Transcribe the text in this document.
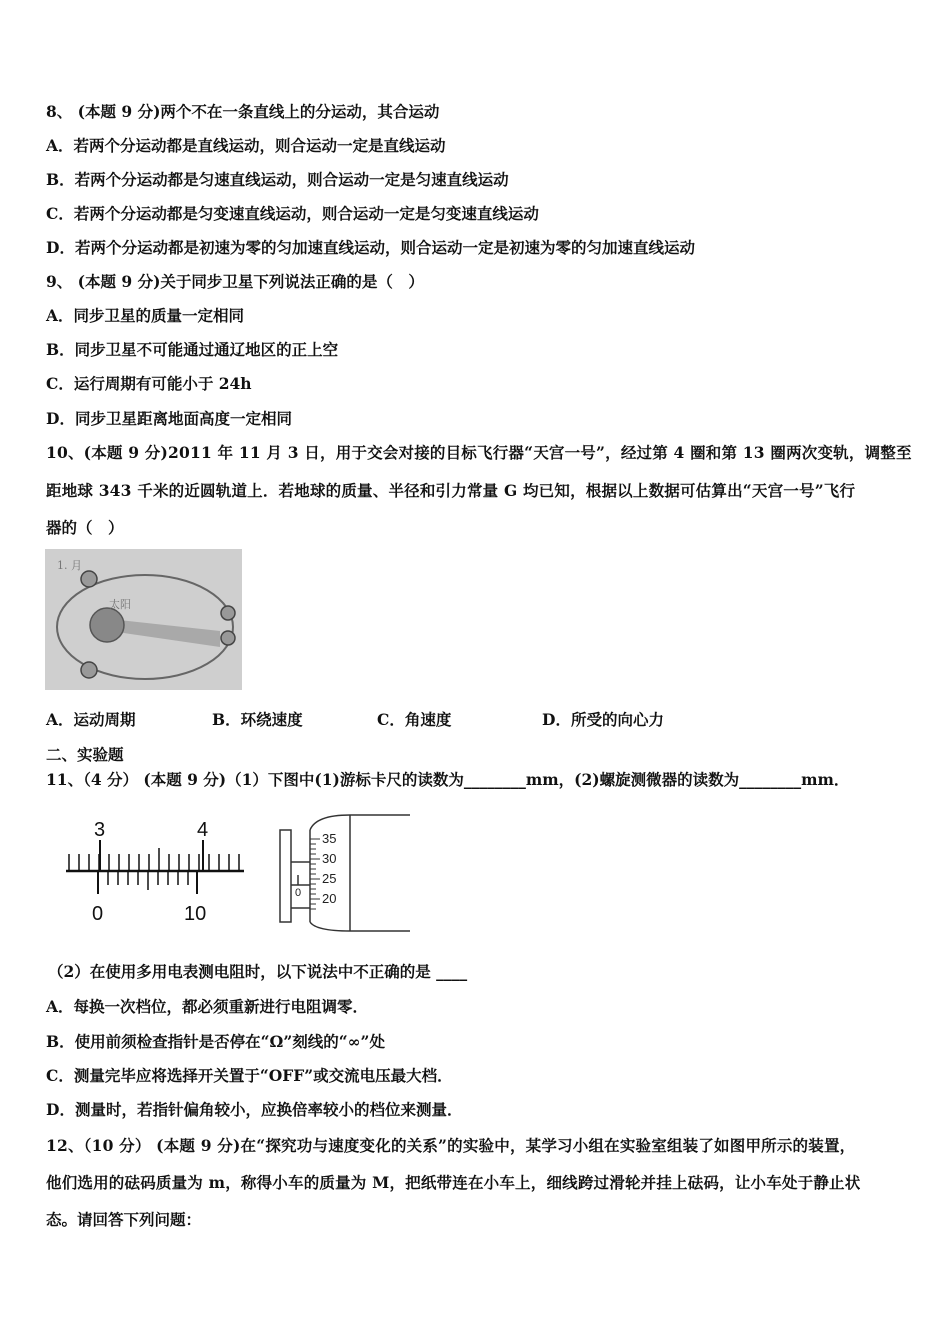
8、 (本题 9 分)两个不在一条直线上的分运动，其合运动
A．若两个分运动都是直线运动，则合运动一定是直线运动
B．若两个分运动都是匀速直线运动，则合运动一定是匀速直线运动
C．若两个分运动都是匀变速直线运动，则合运动一定是匀变速直线运动
D．若两个分运动都是初速为零的匀加速直线运动，则合运动一定是初速为零的匀加速直线运动
9、 (本题 9 分)关于同步卫星下列说法正确的是（　）
A．同步卫星的质量一定相同
B．同步卫星不可能通过通辽地区的正上空
C．运行周期有可能小于 24h
D．同步卫星距离地面高度一定相同
10、(本题 9 分)2011 年 11 月 3 日，用于交会对接的目标飞行器“天宫一号”，经过第 4 圈和第 13 圈两次变轨，调整至
距地球 343 千米的近圆轨道上．若地球的质量、半径和引力常量 G 均已知，根据以上数据可估算出“天宫一号”飞行
器的（　）
1. 月
太阳
A．运动周期	B．环绕速度	C．角速度	D．所受的向心力
二、实验题
11、（4 分） (本题 9 分)（1）下图中(1)游标卡尺的读数为________mm，(2)螺旋测微器的读数为________mm．
3	4
0	10
35
30
25
20
0
（2）在使用多用电表测电阻时，以下说法中不正确的是 ____
A．每换一次档位，都必须重新进行电阻调零．
B．使用前须检查指针是否停在“Ω”刻线的“∞”处
C．测量完毕应将选择开关置于“OFF”或交流电压最大档．
D．测量时，若指针偏角较小，应换倍率较小的档位来测量．
12、（10 分） (本题 9 分)在“探究功与速度变化的关系”的实验中，某学习小组在实验室组装了如图甲所示的装置，
他们选用的砝码质量为 m，称得小车的质量为 M，把纸带连在小车上，细线跨过滑轮并挂上砝码，让小车处于静止状
态。请回答下列问题：
